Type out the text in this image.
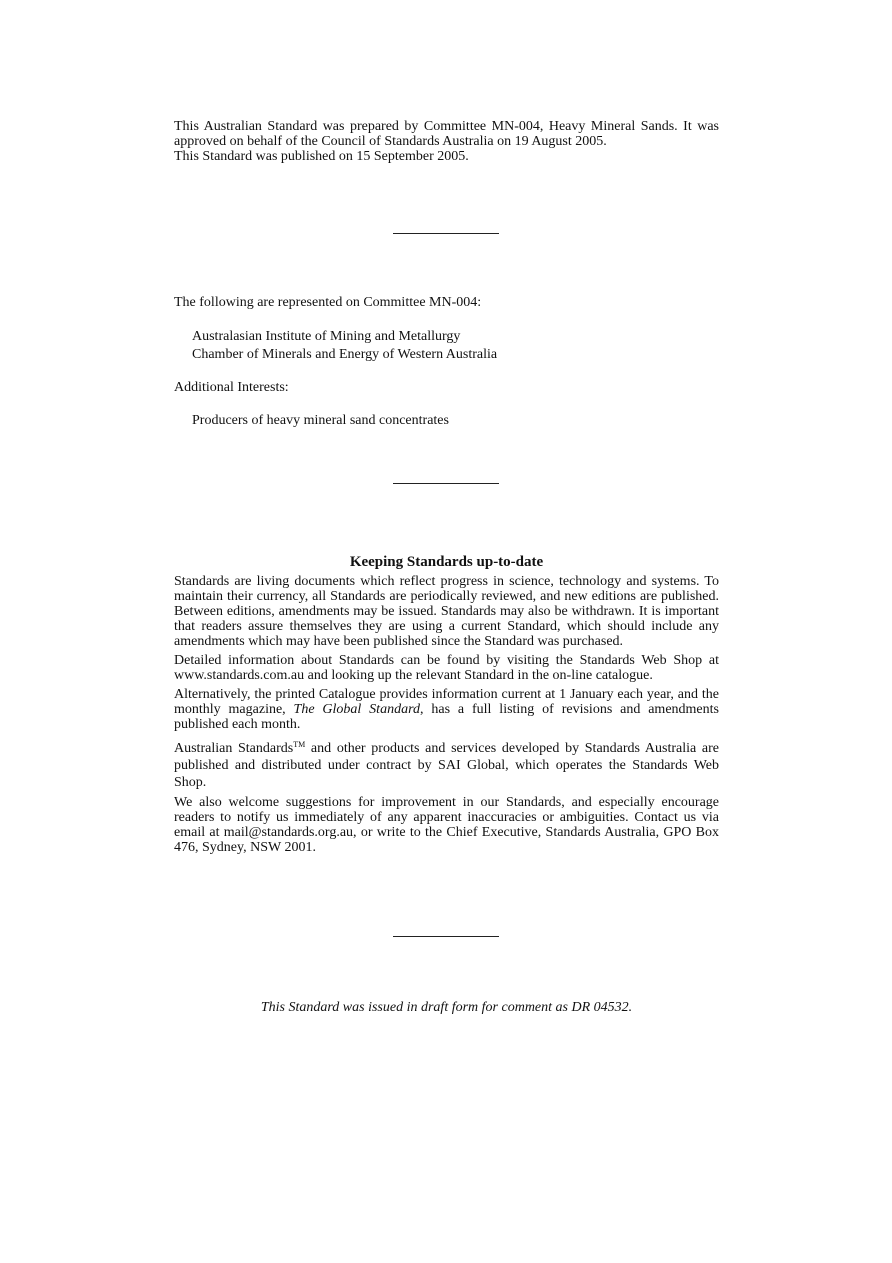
This Australian Standard was prepared by Committee MN-004, Heavy Mineral Sands. It was approved on behalf of the Council of Standards Australia on 19 August 2005.

This Standard was published on 15 September 2005.

The following are represented on Committee MN-004:

Australasian Institute of Mining and Metallurgy

Chamber of Minerals and Energy of Western Australia

Additional Interests:

Producers of heavy mineral sand concentrates

Keeping Standards up-to-date

Standards are living documents which reflect progress in science, technology and systems. To maintain their currency, all Standards are periodically reviewed, and new editions are published. Between editions, amendments may be issued. Standards may also be withdrawn. It is important that readers assure themselves they are using a current Standard, which should include any amendments which may have been published since the Standard was purchased.

Detailed information about Standards can be found by visiting the Standards Web Shop at www.standards.com.au and looking up the relevant Standard in the on-line catalogue.

Alternatively, the printed Catalogue provides information current at 1 January each year, and the monthly magazine, The Global Standard, has a full listing of revisions and amendments published each month.

Australian Standards™ and other products and services developed by Standards Australia are published and distributed under contract by SAI Global, which operates the Standards Web Shop.

We also welcome suggestions for improvement in our Standards, and especially encourage readers to notify us immediately of any apparent inaccuracies or ambiguities. Contact us via email at mail@standards.org.au, or write to the Chief Executive, Standards Australia, GPO Box 476, Sydney, NSW 2001.

This Standard was issued in draft form for comment as DR 04532.
